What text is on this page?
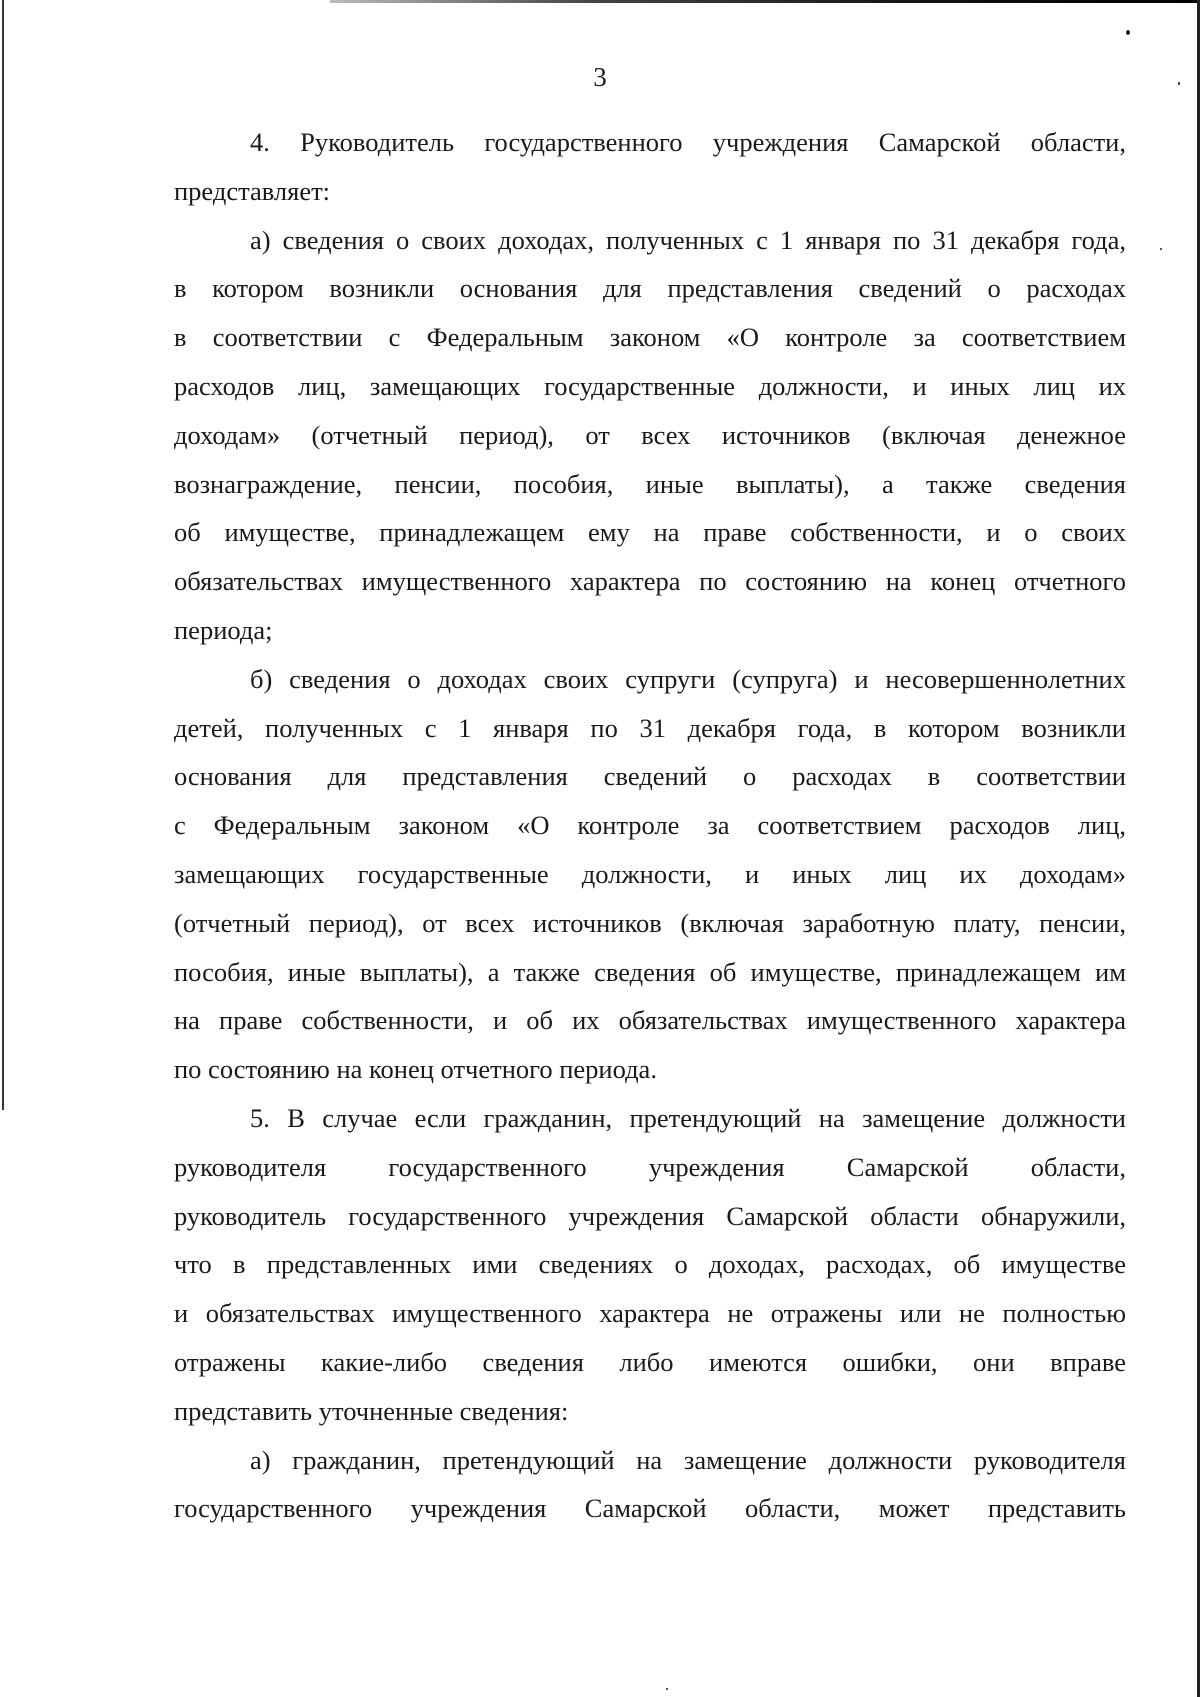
3
4. Руководитель государственного учреждения Самарской области,
представляет:
а) сведения о своих доходах, полученных с 1 января по 31 декабря года,
в котором возникли основания для представления сведений о расходах
в соответствии с Федеральным законом «О контроле за соответствием
расходов лиц, замещающих государственные должности, и иных лиц их
доходам» (отчетный период), от всех источников (включая денежное
вознаграждение, пенсии, пособия, иные выплаты), а также сведения
об имуществе, принадлежащем ему на праве собственности, и о своих
обязательствах имущественного характера по состоянию на конец отчетного
периода;
б) сведения о доходах своих супруги (супруга) и несовершеннолетних
детей, полученных с 1 января по 31 декабря года, в котором возникли
основания для представления сведений о расходах в соответствии
с Федеральным законом «О контроле за соответствием расходов лиц,
замещающих государственные должности, и иных лиц их доходам»
(отчетный период), от всех источников (включая заработную плату, пенсии,
пособия, иные выплаты), а также сведения об имуществе, принадлежащем им
на праве собственности, и об их обязательствах имущественного характера
по состоянию на конец отчетного периода.
5. В случае если гражданин, претендующий на замещение должности
руководителя государственного учреждения Самарской области,
руководитель государственного учреждения Самарской области обнаружили,
что в представленных ими сведениях о доходах, расходах, об имуществе
и обязательствах имущественного характера не отражены или не полностью
отражены какие-либо сведения либо имеются ошибки, они вправе
представить уточненные сведения:
а) гражданин, претендующий на замещение должности руководителя
государственного учреждения Самарской области, может представить
